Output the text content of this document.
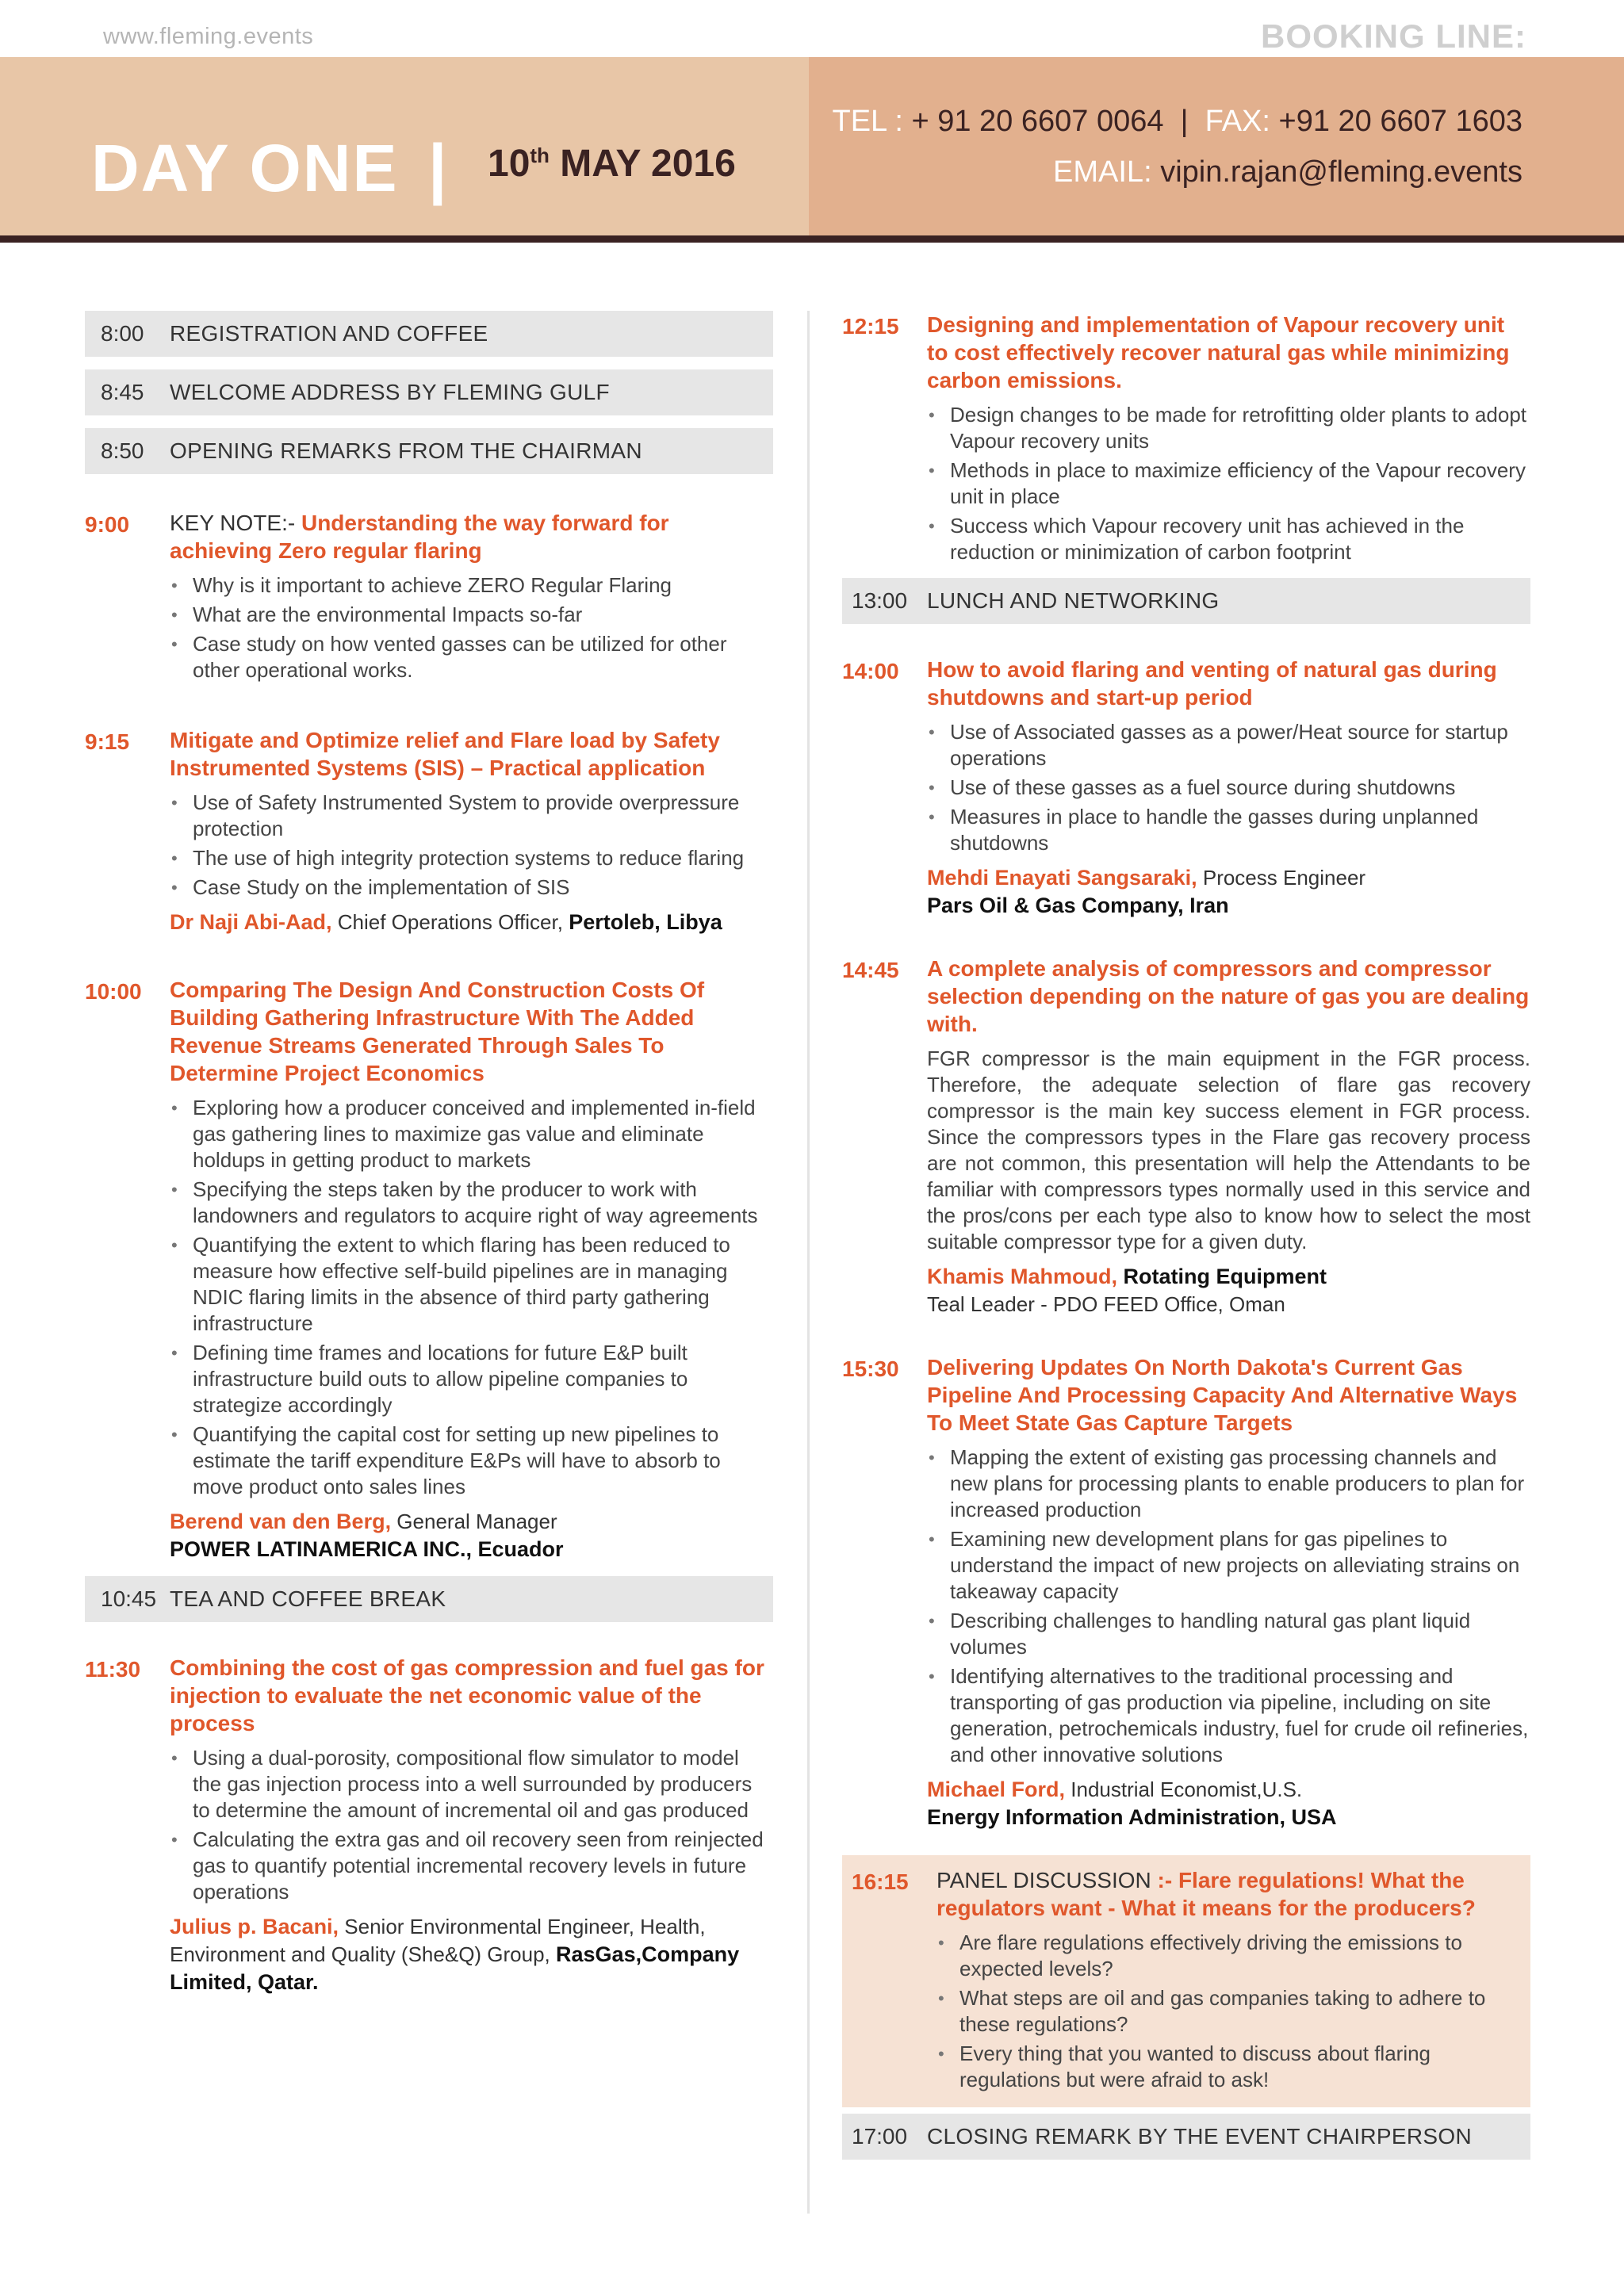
www.fleming.events	BOOKING LINE:
DAY ONE | 10th MAY 2016
TEL : + 91 20 6607 0064  |  FAX: +91 20 6607 1603
EMAIL: vipin.rajan@fleming.events
8:00	REGISTRATION AND COFFEE
8:45	WELCOME ADDRESS BY FLEMING GULF
8:50	OPENING REMARKS FROM THE CHAIRMAN
9:00	KEY NOTE:- Understanding the way forward for achieving Zero regular flaring
• Why is it important to achieve ZERO Regular Flaring
• What are the environmental Impacts so-far
• Case study on how vented gasses can be utilized for other other operational works.
9:15	Mitigate and Optimize relief and Flare load by Safety Instrumented Systems (SIS) – Practical application
• Use of Safety Instrumented System to provide overpressure protection
• The use of high integrity protection systems to reduce flaring
• Case Study on the implementation of SIS
Dr Naji Abi-Aad, Chief Operations Officer, Pertoleb, Libya
10:00	Comparing The Design And Construction Costs Of Building Gathering Infrastructure With The Added Revenue Streams Generated Through Sales To Determine Project Economics
• Exploring how a producer conceived and implemented in-field gas gathering lines to maximize gas value and eliminate holdups in getting product to markets
• Specifying the steps taken by the producer to work with landowners and regulators to acquire right of way agreements
• Quantifying the extent to which flaring has been reduced to measure how effective self-build pipelines are in managing NDIC flaring limits in the absence of third party gathering infrastructure
• Defining time frames and locations for future E&P built infrastructure build outs to allow pipeline companies to strategize accordingly
• Quantifying the capital cost for setting up new pipelines to estimate the tariff expenditure E&Ps will have to absorb to move product onto sales lines
Berend van den Berg, General Manager
POWER LATINAMERICA INC., Ecuador
10:45 TEA AND COFFEE BREAK
11:30	Combining the cost of gas compression and fuel gas for injection to evaluate the net economic value of the process
• Using a dual-porosity, compositional flow simulator to model the gas injection process into a well surrounded by producers to determine the amount of incremental oil and gas produced
• Calculating the extra gas and oil recovery seen from reinjected gas to quantify potential incremental recovery levels in future operations
Julius p. Bacani, Senior Environmental Engineer, Health, Environment and Quality (She&Q) Group, RasGas,Company Limited, Qatar.
12:15	Designing and implementation of Vapour recovery unit to cost effectively recover natural gas while minimizing carbon emissions.
• Design changes to be made for retrofitting older plants to adopt Vapour recovery units
• Methods in place to maximize efficiency of the Vapour recovery unit in place
• Success which Vapour recovery unit has achieved in the reduction or minimization of carbon footprint
13:00 LUNCH AND NETWORKING
14:00	How to avoid flaring and venting of natural gas during shutdowns and start-up period
• Use of Associated gasses as a power/Heat source for startup operations
• Use of these gasses as a fuel source during shutdowns
• Measures in place to handle the gasses during unplanned shutdowns
Mehdi Enayati Sangsaraki, Process Engineer
Pars Oil & Gas Company, Iran
14:45	A complete analysis of compressors and compressor selection depending on the nature of gas you are dealing with.
FGR compressor is the main equipment in the FGR process. Therefore, the adequate selection of flare gas recovery compressor is the main key success element in FGR process. Since the compressors types in the Flare gas recovery process are not common, this presentation will help the Attendants to be familiar with compressors types normally used in this service and the pros/cons per each type also to know how to select the most suitable compressor type for a given duty.
Khamis Mahmoud, Rotating Equipment
Teal Leader - PDO FEED Office, Oman
15:30	Delivering Updates On North Dakota's Current Gas Pipeline And Processing Capacity And Alternative Ways To Meet State Gas Capture Targets
• Mapping the extent of existing gas processing channels and new plans for processing plants to enable producers to plan for increased production
• Examining new development plans for gas pipelines to understand the impact of new projects on alleviating strains on takeaway capacity
• Describing challenges to handling natural gas plant liquid volumes
• Identifying alternatives to the traditional processing and transporting of gas production via pipeline, including on site generation, petrochemicals industry, fuel for crude oil refineries, and other innovative solutions
Michael Ford, Industrial Economist,U.S.
Energy Information Administration, USA
16:15	PANEL DISCUSSION :- Flare regulations! What the regulators want - What it means for the producers?
• Are flare regulations effectively driving the emissions to expected levels?
• What steps are oil and gas companies taking to adhere to these regulations?
• Every thing that you wanted to discuss about flaring regulations but were afraid to ask!
17:00 CLOSING REMARK BY THE EVENT CHAIRPERSON
